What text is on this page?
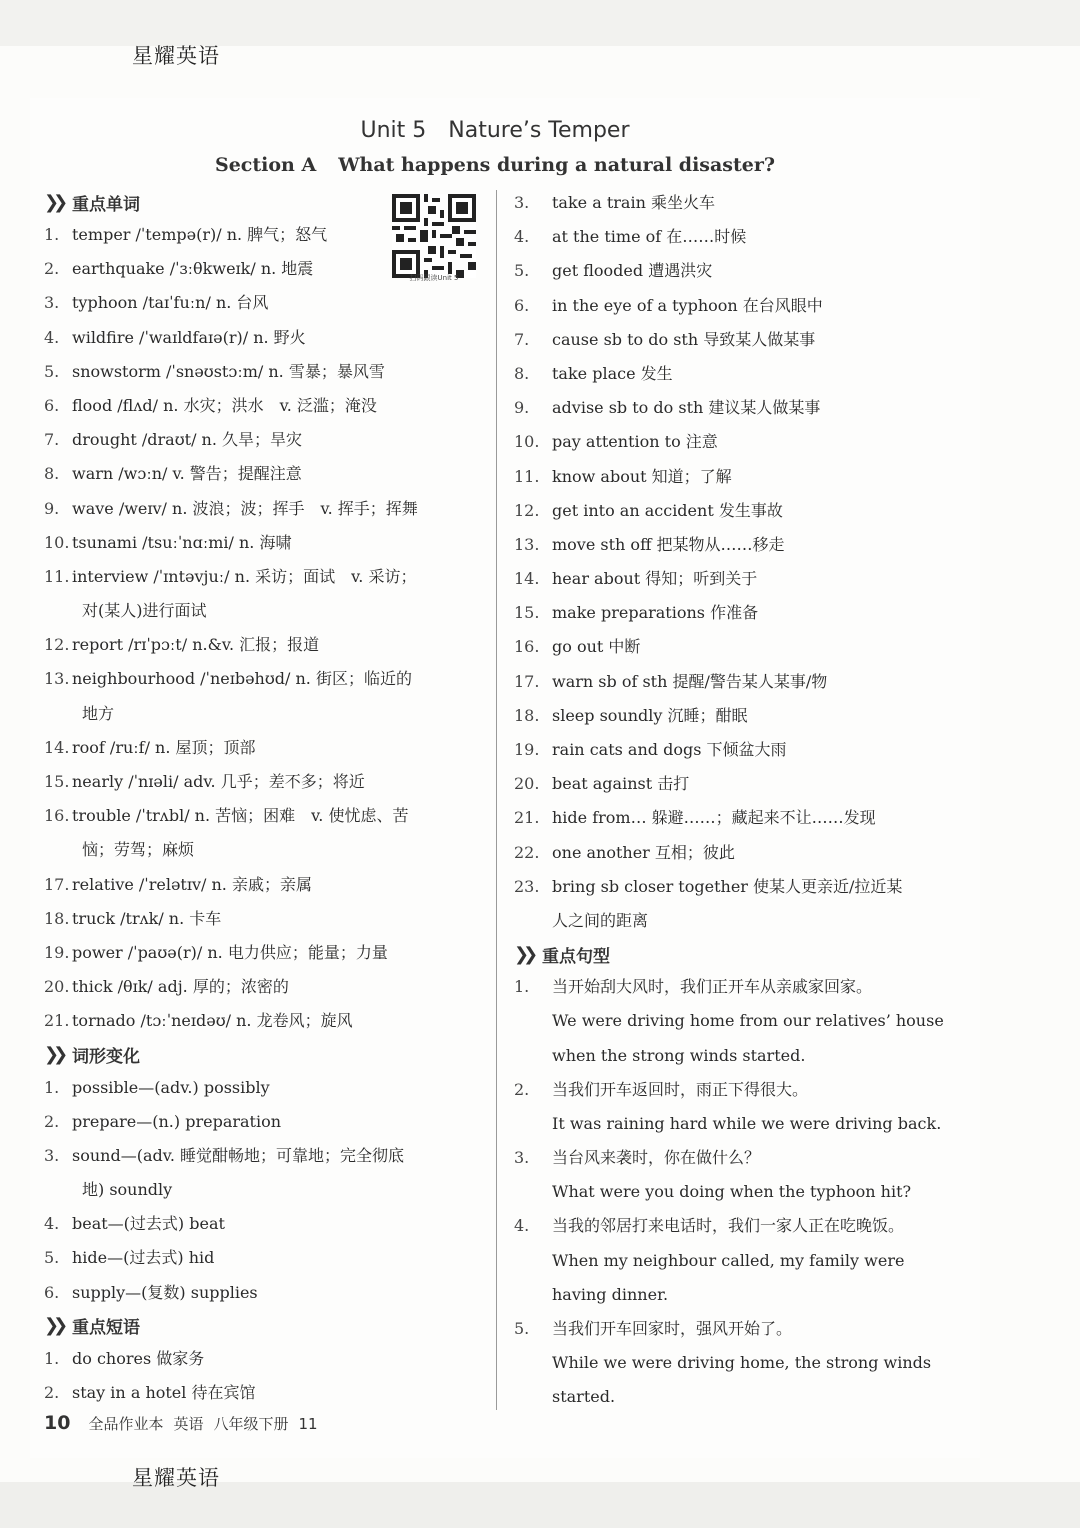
星耀英语
Unit 5 Nature’s Temper
Section A What happens during a natural disaster?
扫码跟读Unit 5
❯❯ 重点单词
1. temper /ˈtempə(r)/ n. 脾气；怒气
2. earthquake /ˈɜːθkweɪk/ n. 地震
3. typhoon /taɪˈfuːn/ n. 台风
4. wildfire /ˈwaɪldfaɪə(r)/ n. 野火
5. snowstorm /ˈsnəʊstɔːm/ n. 雪暴；暴风雪
6. flood /flʌd/ n. 水灾；洪水　v. 泛滥；淹没
7. drought /draʊt/ n. 久旱；旱灾
8. warn /wɔːn/ v. 警告；提醒注意
9. wave /weɪv/ n. 波浪；波；挥手　v. 挥手；挥舞
10. tsunami /tsuːˈnɑːmi/ n. 海啸
11. interview /ˈɪntəvjuː/ n. 采访；面试　v. 采访；
对(某人)进行面试
12. report /rɪˈpɔːt/ n.&v. 汇报；报道
13. neighbourhood /ˈneɪbəhʊd/ n. 街区；临近的
地方
14. roof /ruːf/ n. 屋顶；顶部
15. nearly /ˈnɪəli/ adv. 几乎；差不多；将近
16. trouble /ˈtrʌbl/ n. 苦恼；困难　v. 使忧虑、苦
恼；劳驾；麻烦
17. relative /ˈrelətɪv/ n. 亲戚；亲属
18. truck /trʌk/ n. 卡车
19. power /ˈpaʊə(r)/ n. 电力供应；能量；力量
20. thick /θɪk/ adj. 厚的；浓密的
21. tornado /tɔːˈneɪdəʊ/ n. 龙卷风；旋风
❯❯ 词形变化
1. possible—(adv.) possibly
2. prepare—(n.) preparation
3. sound—(adv. 睡觉酣畅地；可靠地；完全彻底
地) soundly
4. beat—(过去式) beat
5. hide—(过去式) hid
6. supply—(复数) supplies
❯❯ 重点短语
1. do chores 做家务
2. stay in a hotel 待在宾馆
3.	take a train 乘坐火车
4.	at the time of 在……时候
5.	get flooded 遭遇洪灾
6.	in the eye of a typhoon 在台风眼中
7.	cause sb to do sth 导致某人做某事
8.	take place 发生
9.	advise sb to do sth 建议某人做某事
10. pay attention to 注意
11. know about 知道；了解
12. get into an accident 发生事故
13. move sth off 把某物从……移走
14. hear about 得知；听到关于
15. make preparations 作准备
16. go out 中断
17. warn sb of sth 提醒/警告某人某事/物
18. sleep soundly 沉睡；酣眠
19. rain cats and dogs 下倾盆大雨
20. beat against 击打
21. hide from… 躲避……；藏起来不让……发现
22. one another 互相；彼此
23. bring sb closer together 使某人更亲近/拉近某
人之间的距离
❯❯ 重点句型
1.	当开始刮大风时，我们正开车从亲戚家回家。
We were driving home from our relatives’ house
when the strong winds started.
2.	当我们开车返回时，雨正下得很大。
It was raining hard while we were driving back.
3.	当台风来袭时，你在做什么？
What were you doing when the typhoon hit?
4.	当我的邻居打来电话时，我们一家人正在吃晚饭。
When my neighbour called, my family were
having dinner.
5.	当我们开车回家时，强风开始了。
While we were driving home, the strong winds
started.
10 全品作业本 英语 八年级下册 11
星耀英语
